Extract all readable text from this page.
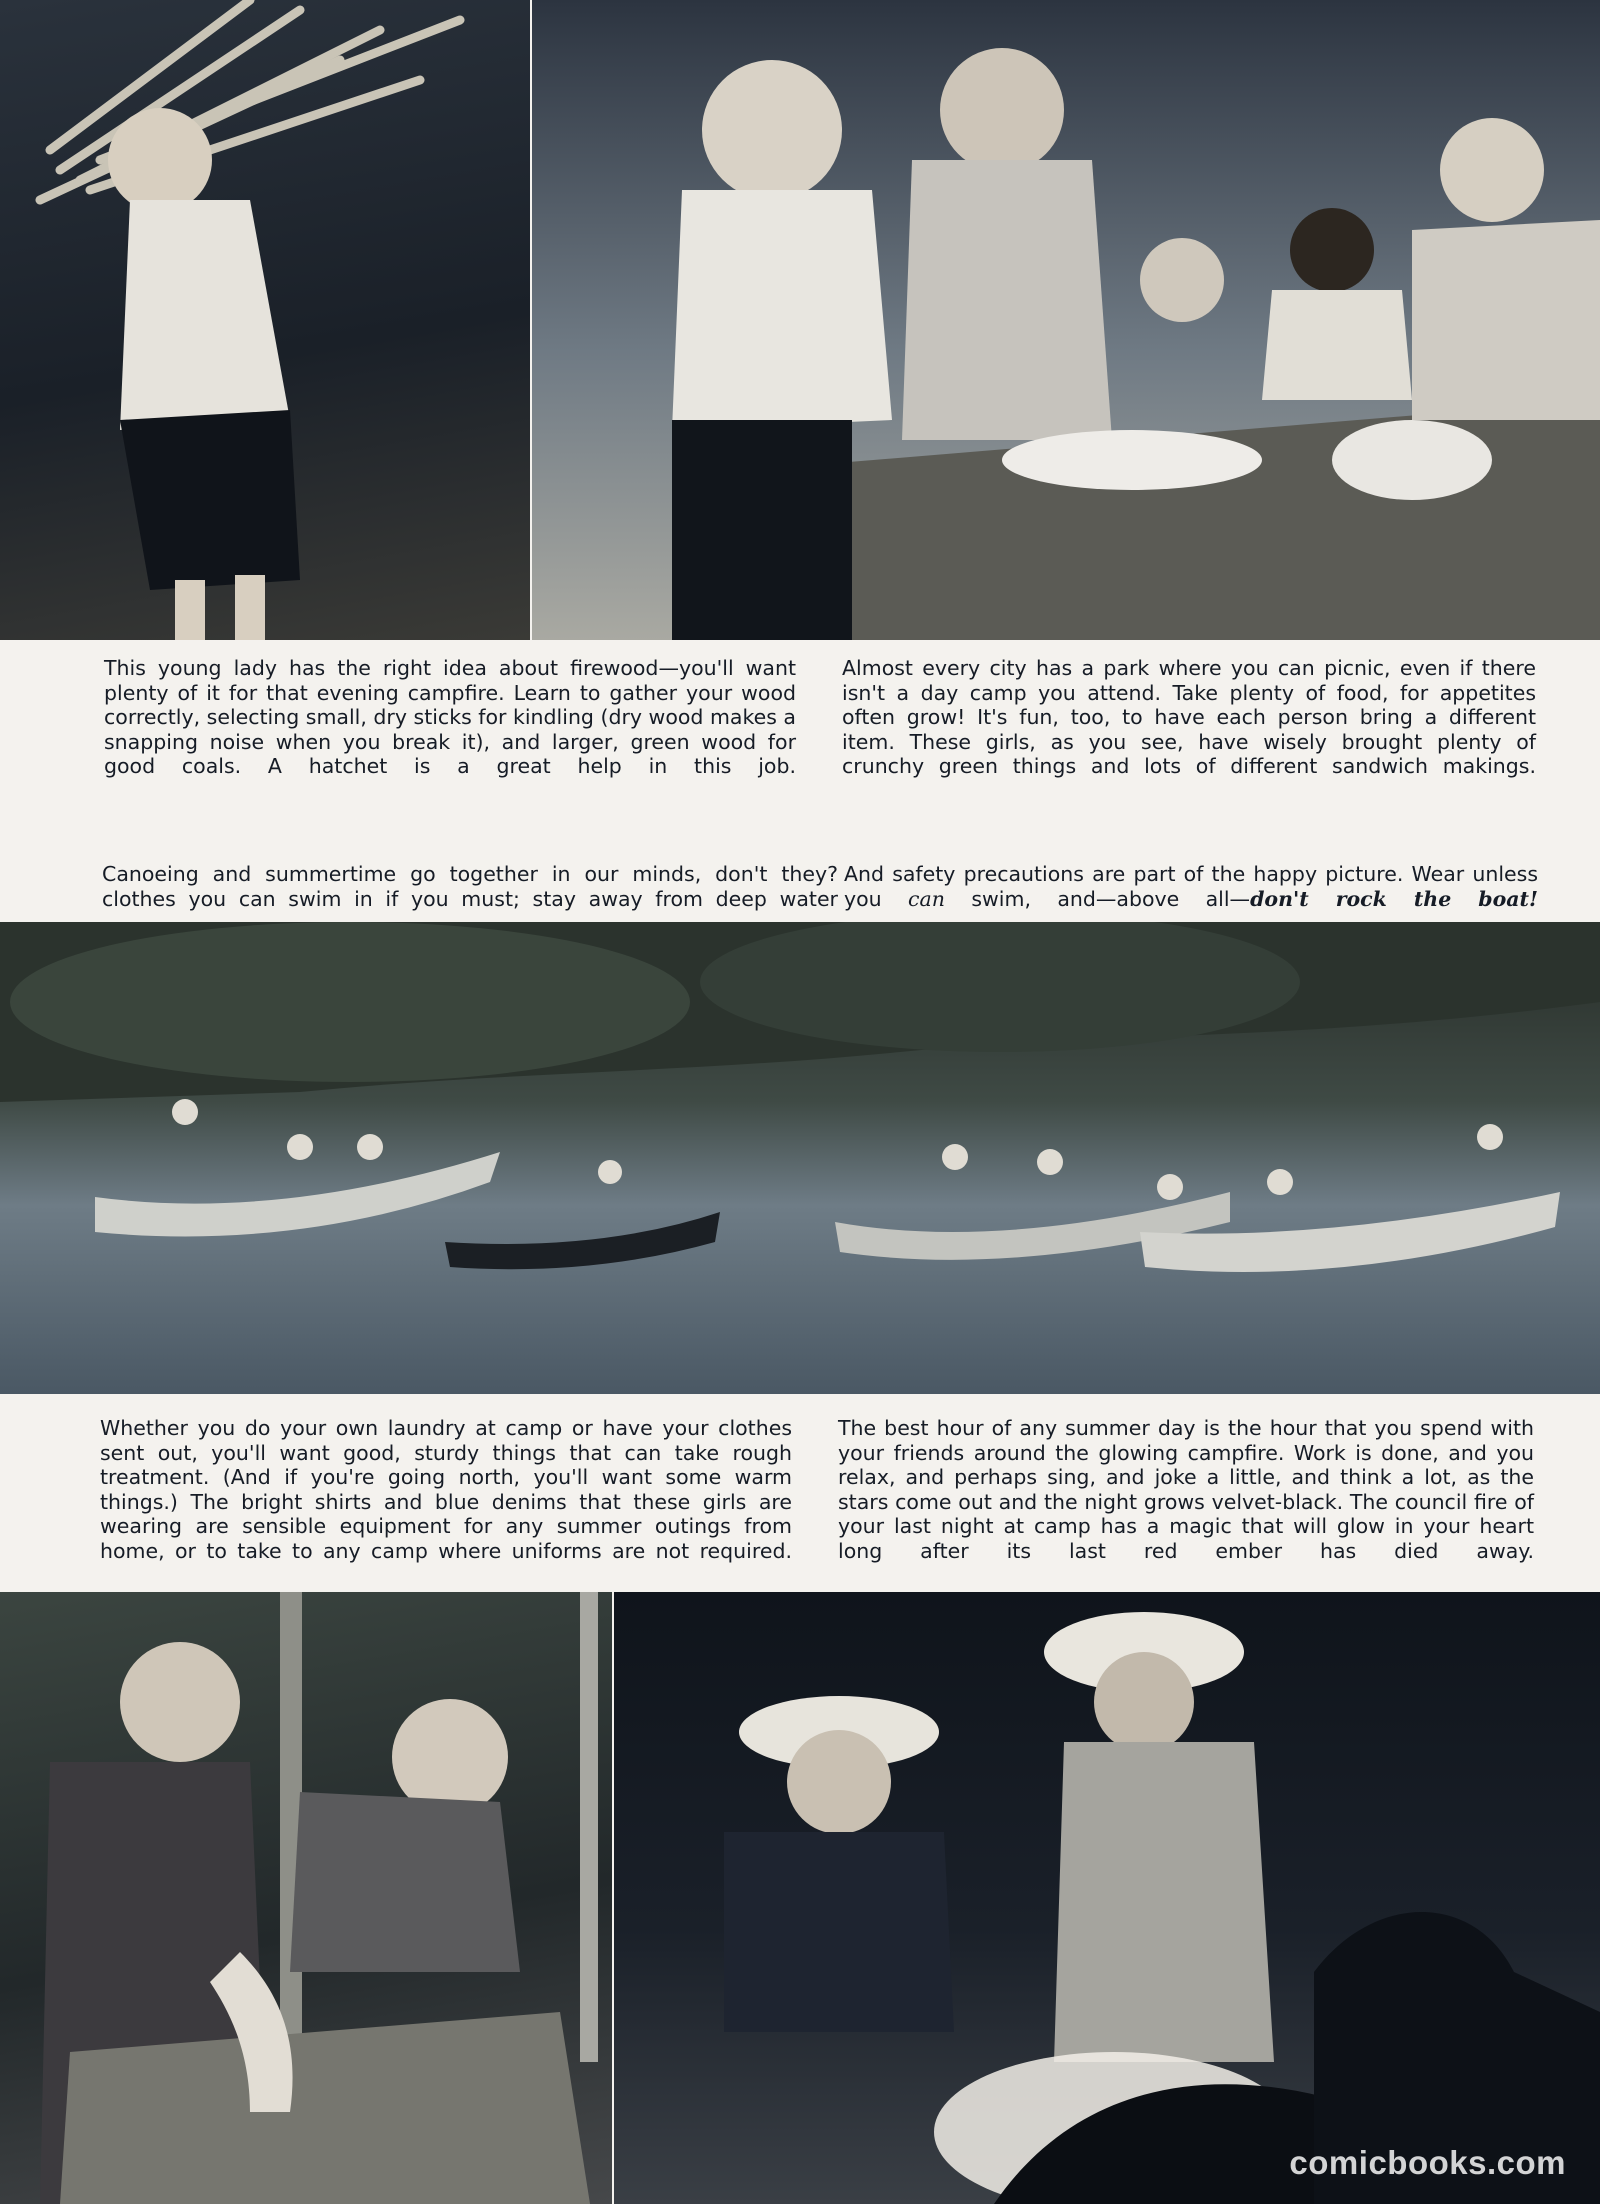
This young lady has the right idea about firewood—you'll want plenty of it for that evening campfire. Learn to gather your wood correctly, selecting small, dry sticks for kindling (dry wood makes a snapping noise when you break it), and larger, green wood for good coals. A hatchet is a great help in this job.

Almost every city has a park where you can picnic, even if there isn't a day camp you attend. Take plenty of food, for appetites often grow! It's fun, too, to have each person bring a different item. These girls, as you see, have wisely brought plenty of crunchy green things and lots of different sandwich makings.

Canoeing and summertime go together in our minds, don't they? clothes you can swim in if you must; stay away from deep water

And safety precautions are part of the happy picture. Wear unless you can swim, and—above all—don't rock the boat!

Whether you do your own laundry at camp or have your clothes sent out, you'll want good, sturdy things that can take rough treatment. (And if you're going north, you'll want some warm things.) The bright shirts and blue denims that these girls are wearing are sensible equipment for any summer outings from home, or to take to any camp where uniforms are not required.

The best hour of any summer day is the hour that you spend with your friends around the glowing campfire. Work is done, and you relax, and perhaps sing, and joke a little, and think a lot, as the stars come out and the night grows velvet-black. The council fire of your last night at camp has a magic that will glow in your heart long after its last red ember has died away.

comicbooks.com
